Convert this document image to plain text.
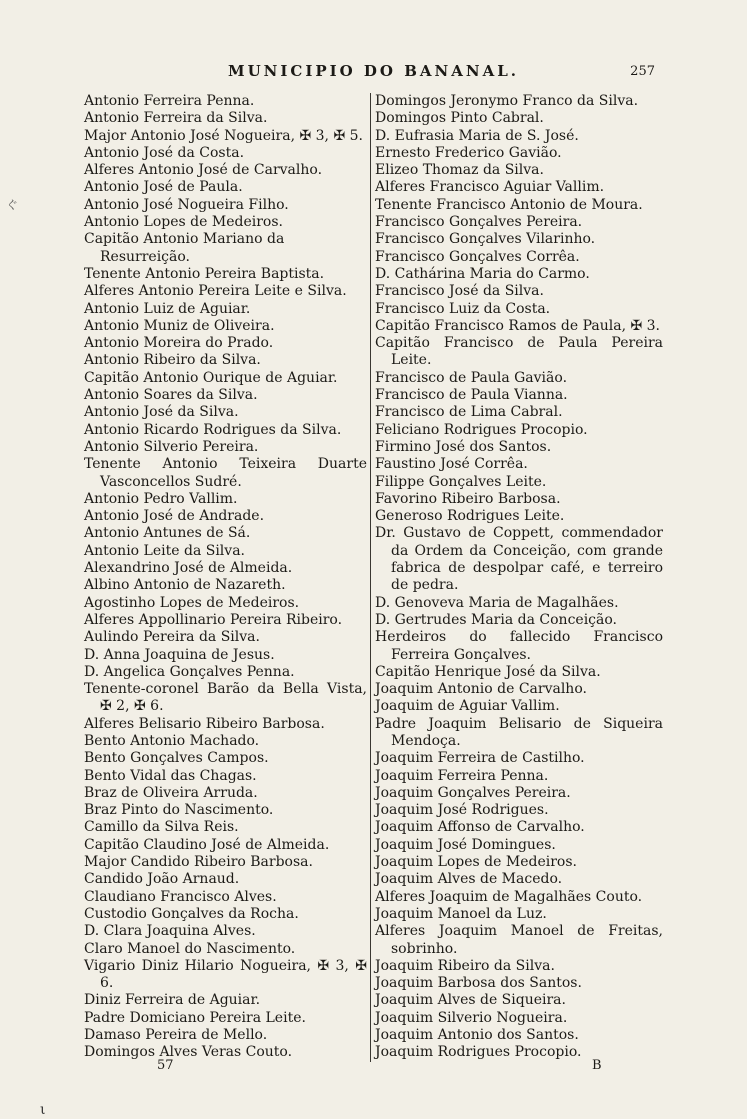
MUNICIPIO DO BANANAL.	257
ぐ
Antonio Ferreira Penna.
Antonio Ferreira da Silva.
Major Antonio José Nogueira, ✠ 3, ✠ 5.
Antonio José da Costa.
Alferes Antonio José de Carvalho.
Antonio José de Paula.
Antonio José Nogueira Filho.
Antonio Lopes de Medeiros.
Capitão Antonio Mariano da Resurreição.
Tenente Antonio Pereira Baptista.
Alferes Antonio Pereira Leite e Silva.
Antonio Luiz de Aguiar.
Antonio Muniz de Oliveira.
Antonio Moreira do Prado.
Antonio Ribeiro da Silva.
Capitão Antonio Ourique de Aguiar.
Antonio Soares da Silva.
Antonio José da Silva.
Antonio Ricardo Rodrigues da Silva.
Antonio Silverio Pereira.
Tenente Antonio Teixeira Duarte Vasconcellos Sudré.
Antonio Pedro Vallim.
Antonio José de Andrade.
Antonio Antunes de Sá.
Antonio Leite da Silva.
Alexandrino José de Almeida.
Albino Antonio de Nazareth.
Agostinho Lopes de Medeiros.
Alferes Appollinario Pereira Ribeiro.
Aulindo Pereira da Silva.
D. Anna Joaquina de Jesus.
D. Angelica Gonçalves Penna.
Tenente-coronel Barão da Bella Vista, ✠ 2, ✠ 6.
Alferes Belisario Ribeiro Barbosa.
Bento Antonio Machado.
Bento Gonçalves Campos.
Bento Vidal das Chagas.
Braz de Oliveira Arruda.
Braz Pinto do Nascimento.
Camillo da Silva Reis.
Capitão Claudino José de Almeida.
Major Candido Ribeiro Barbosa.
Candido João Arnaud.
Claudiano Francisco Alves.
Custodio Gonçalves da Rocha.
D. Clara Joaquina Alves.
Claro Manoel do Nascimento.
Vigario Diniz Hilario Nogueira, ✠ 3, ✠ 6.
Diniz Ferreira de Aguiar.
Padre Domiciano Pereira Leite.
Damaso Pereira de Mello.
Domingos Alves Veras Couto.
Domingos Jeronymo Franco da Silva.
Domingos Pinto Cabral.
D. Eufrasia Maria de S. José.
Ernesto Frederico Gavião.
Elizeo Thomaz da Silva.
Alferes Francisco Aguiar Vallim.
Tenente Francisco Antonio de Moura.
Francisco Gonçalves Pereira.
Francisco Gonçalves Vilarinho.
Francisco Gonçalves Corrêa.
D. Cathárina Maria do Carmo.
Francisco José da Silva.
Francisco Luiz da Costa.
Capitão Francisco Ramos de Paula, ✠ 3.
Capitão Francisco de Paula Pereira Leite.
Francisco de Paula Gavião.
Francisco de Paula Vianna.
Francisco de Lima Cabral.
Feliciano Rodrigues Procopio.
Firmino José dos Santos.
Faustino José Corrêa.
Filippe Gonçalves Leite.
Favorino Ribeiro Barbosa.
Generoso Rodrigues Leite.
Dr. Gustavo de Coppett, commendador da Ordem da Conceição, com grande fabrica de despolpar café, e terreiro de pedra.
D. Genoveva Maria de Magalhães.
D. Gertrudes Maria da Conceição.
Herdeiros do fallecido Francisco Ferreira Gonçalves.
Capitão Henrique José da Silva.
Joaquim Antonio de Carvalho.
Joaquim de Aguiar Vallim.
Padre Joaquim Belisario de Siqueira Mendoça.
Joaquim Ferreira de Castilho.
Joaquim Ferreira Penna.
Joaquim Gonçalves Pereira.
Joaquim José Rodrigues.
Joaquim Affonso de Carvalho.
Joaquim José Domingues.
Joaquim Lopes de Medeiros.
Joaquim Alves de Macedo.
Alferes Joaquim de Magalhães Couto.
Joaquim Manoel da Luz.
Alferes Joaquim Manoel de Freitas, sobrinho.
Joaquim Ribeiro da Silva.
Joaquim Barbosa dos Santos.
Joaquim Alves de Siqueira.
Joaquim Silverio Nogueira.
Joaquim Antonio dos Santos.
Joaquim Rodrigues Procopio.
57	B
ι
